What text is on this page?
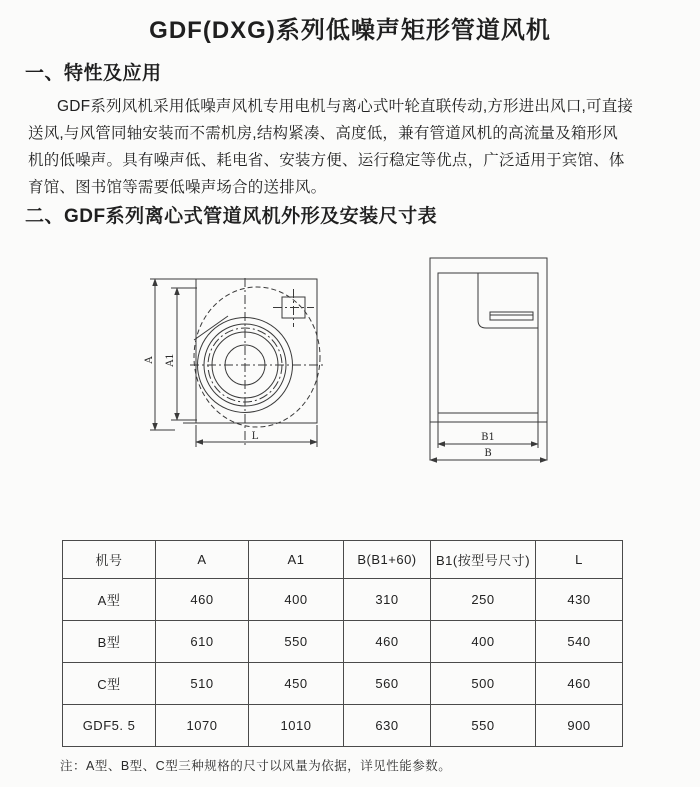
GDF(DXG)系列低噪声矩形管道风机
一、特性及应用
GDF系列风机采用低噪声风机专用电机与离心式叶轮直联传动,方形进出风口,可直接
送风,与风管同轴安装而不需机房,结构紧凑、高度低，兼有管道风机的高流量及箱形风
机的低噪声。具有噪声低、耗电省、安装方便、运行稳定等优点，广泛适用于宾馆、体
育馆、图书馆等需要低噪声场合的送排风。
二、GDF系列离心式管道风机外形及安装尺寸表
A A1
L	B1
B
机号	A	A1	B(B1+60)	B1(按型号尺寸)	L
A型	460	400	310	250	430
B型	610	550	460	400	540
C型	510	450	560	500	460
GDF5. 5	1070	1010	630	550	900
注：A型、B型、C型三种规格的尺寸以风量为依据，详见性能参数。
